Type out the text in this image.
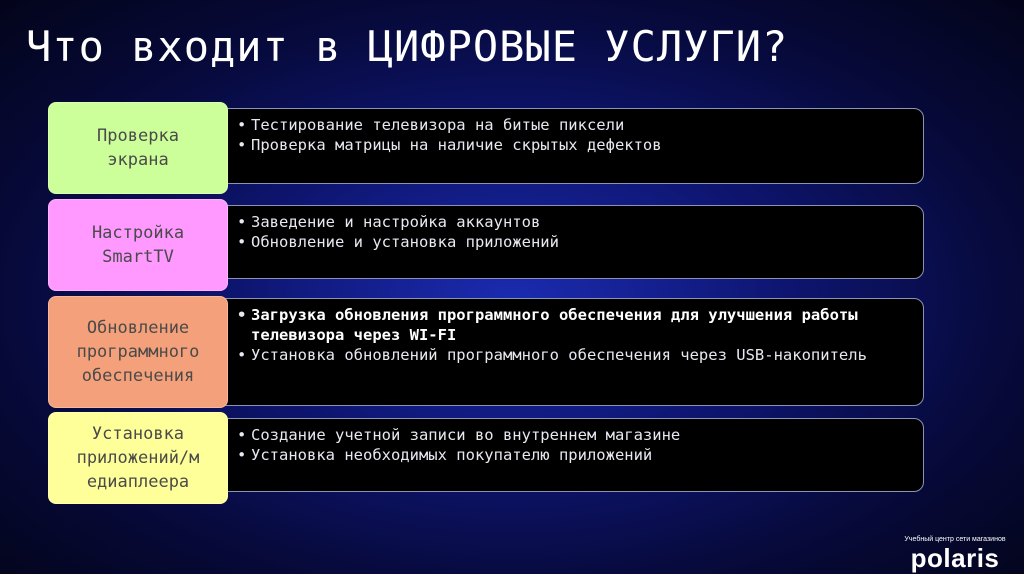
Что входит в ЦИФРОВЫЕ УСЛУГИ?
• Тестирование телевизора на битые пиксели
• Проверка матрицы на наличие скрытых дефектов
Проверка
экрана
• Заведение и настройка аккаунтов
• Обновление и установка приложений
Настройка
SmartTV
• Загрузка обновления программного обеспечения для улучшения работы телевизора через WI-FI
• Установка обновлений программного обеспечения через USB-накопитель
Обновление
программного
обеспечения
• Создание учетной записи во внутреннем магазине
• Установка необходимых покупателю приложений
Установка
приложений/м
едиаплеера
Учебный центр сети магазинов
polaris
